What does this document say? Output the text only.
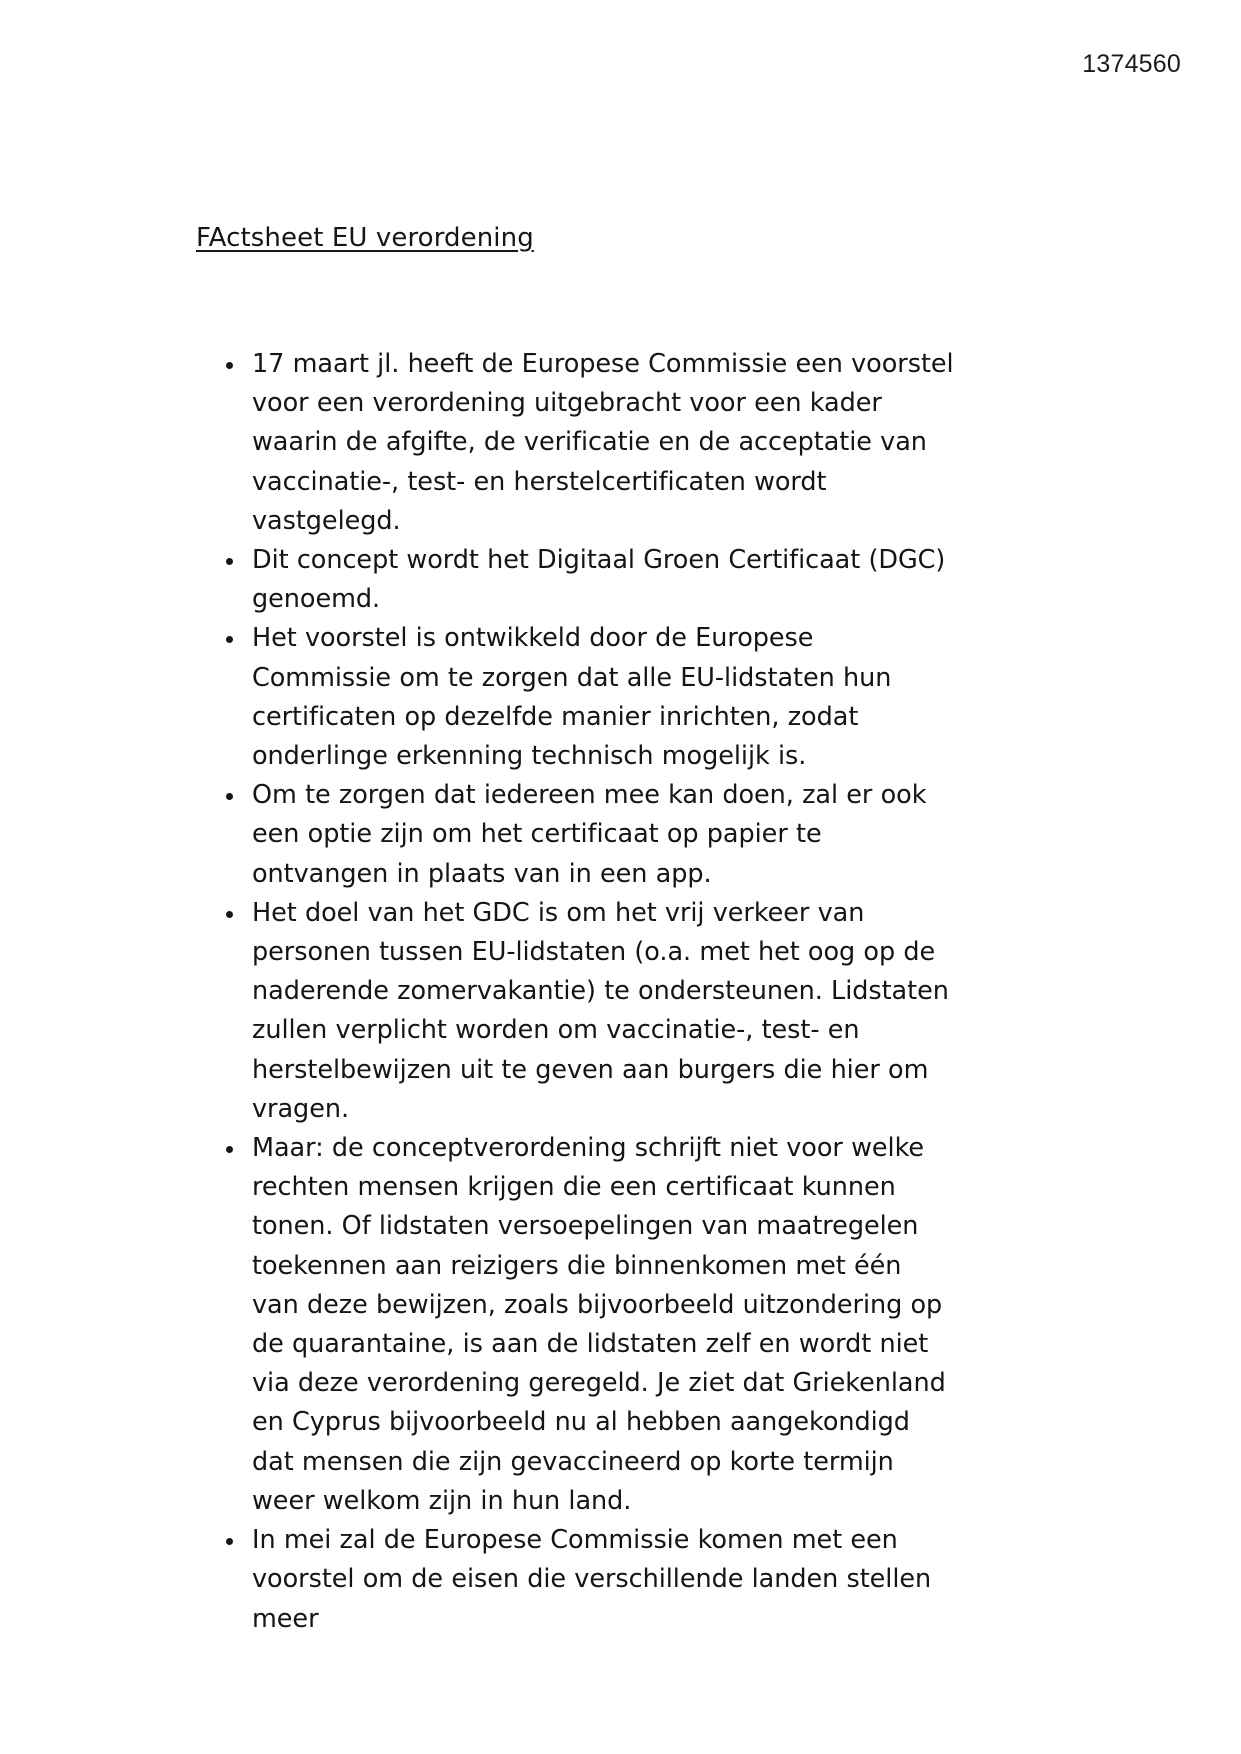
1374560
FActsheet EU verordening
17 maart jl. heeft de Europese Commissie een voorstel voor een verordening uitgebracht voor een kader waarin de afgifte, de verificatie en de acceptatie van vaccinatie-, test- en herstelcertificaten wordt vastgelegd.
Dit concept wordt het Digitaal Groen Certificaat (DGC) genoemd.
Het voorstel is ontwikkeld door de Europese Commissie om te zorgen dat alle EU-lidstaten hun certificaten op dezelfde manier inrichten, zodat onderlinge erkenning technisch mogelijk is.
Om te zorgen dat iedereen mee kan doen, zal er ook een optie zijn om het certificaat op papier te ontvangen in plaats van in een app.
Het doel van het GDC is om het vrij verkeer van personen tussen EU-lidstaten (o.a. met het oog op de naderende zomervakantie) te ondersteunen. Lidstaten zullen verplicht worden om vaccinatie-, test- en herstelbewijzen uit te geven aan burgers die hier om vragen.
Maar: de conceptverordening schrijft niet voor welke rechten mensen krijgen die een certificaat kunnen tonen. Of lidstaten versoepelingen van maatregelen toekennen aan reizigers die binnenkomen met één van deze bewijzen, zoals bijvoorbeeld uitzondering op de quarantaine, is aan de lidstaten zelf en wordt niet via deze verordening geregeld. Je ziet dat Griekenland en Cyprus bijvoorbeeld nu al hebben aangekondigd dat mensen die zijn gevaccineerd op korte termijn weer welkom zijn in hun land.
In mei zal de Europese Commissie komen met een voorstel om de eisen die verschillende landen stellen meer
